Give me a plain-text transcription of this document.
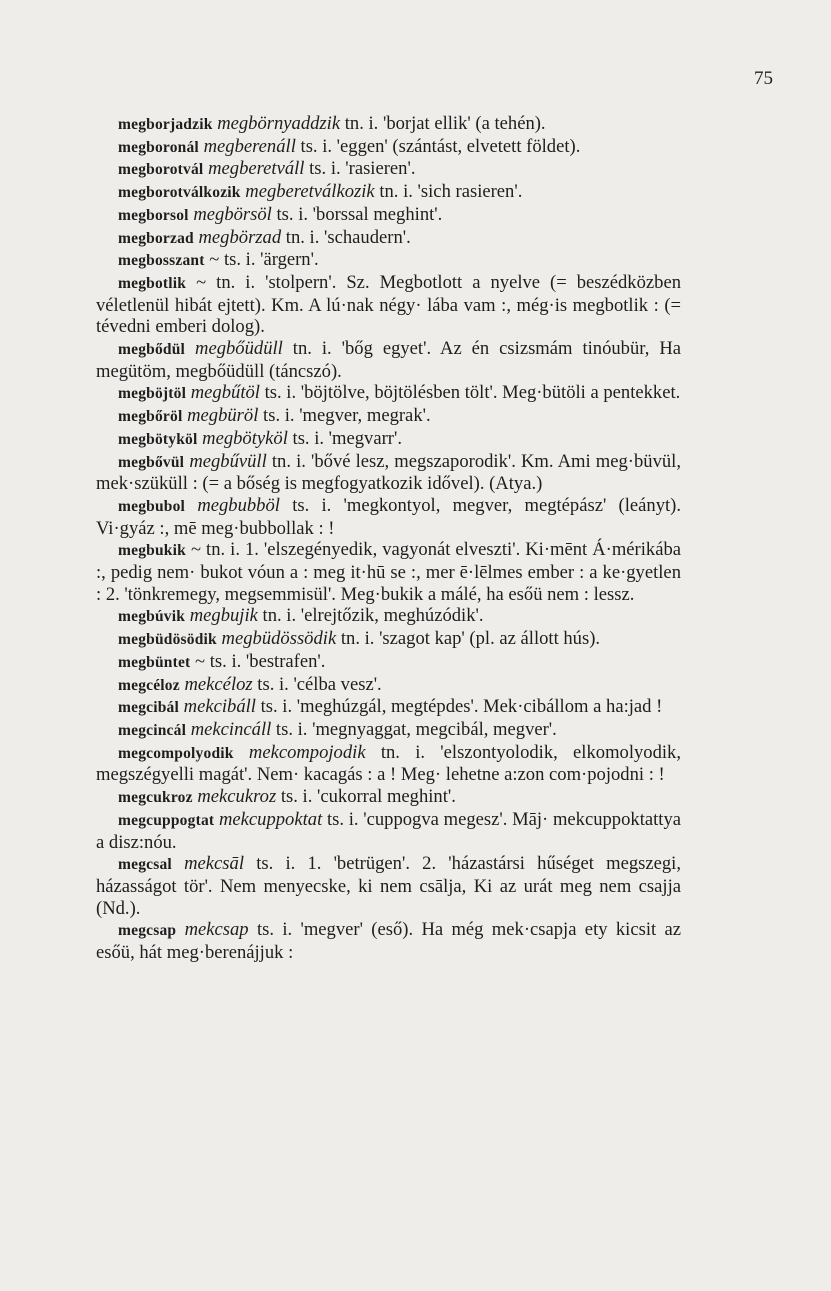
75

megborjadzik megbörnyaddzik tn. i. 'borjat ellik' (a tehén).

megboronál megberenáll ts. i. 'eggen' (szántást, elvetett földet).

megborotvál megberetváll ts. i. 'rasieren'.

megborotválkozik megberetválkozik tn. i. 'sich rasieren'.

megborsol megbörsöl ts. i. 'borssal meghint'.

megborzad megbörzad tn. i. 'schaudern'.

megbosszant ~ ts. i. 'ärgern'.

megbotlik ~ tn. i. 'stolpern'. Sz. Megbotlott a nyelve (= beszédközben véletlenül hibát ejtett). Km. A lú·nak négy· lába vam :, még·is megbotlik : (= tévedni emberi dolog).

megbődül megbőüdüll tn. i. 'bőg egyet'. Az én csizsmám tinóubür, Ha megütöm, megbőüdüll (táncszó).

megböjtöl megbűtöl ts. i. 'böjtölve, böjtölésben tölt'. Meg·bütöli a pentekket.

megbőröl megbüröl ts. i. 'megver, megrak'.

megbötyköl megbötyköl ts. i. 'megvarr'.

megbővül megbűvüll tn. i. 'bővé lesz, megszaporodik'. Km. Ami meg·büvül, mek·szüküll : (= a bőség is megfogyatkozik idővel). (Atya.)

megbubol megbubböl ts. i. 'megkontyol, megver, megtépász' (leányt). Vi·gyáz :, mē meg·bubbollak : !

megbukik ~ tn. i. 1. 'elszegényedik, vagyonát elveszti'. Ki·mēnt Á·mérikába :, pedig nem· bukot vóun a : meg it·hū se :, mer ē·lēlmes ember : a ke·gyetlen : 2. 'tönkremegy, megsemmisül'. Meg·bukik a málé, ha esőü nem : lessz.

megbúvik megbujik tn. i. 'elrejtőzik, meghúzódik'.

megbüdösödik megbüdössödik tn. i. 'szagot kap' (pl. az állott hús).

megbüntet ~ ts. i. 'bestrafen'.

megcéloz mekcéloz ts. i. 'célba vesz'.

megcibál mekcibáll ts. i. 'meghúzgál, megtépdes'. Mek·cibállom a ha:jad !

megcincál mekcincáll ts. i. 'megnyaggat, megcibál, megver'.

megcompolyodik mekcompojodik tn. i. 'elszontyolodik, elkomolyodik, megszégyelli magát'. Nem· kacagás : a ! Meg· lehetne a:zon com·pojodni : !

megcukroz mekcukroz ts. i. 'cukorral meghint'.

megcuppogtat mekcuppoktat ts. i. 'cuppogva megesz'. Māj· mekcuppoktattya a disz:nóu.

megcsal mekcsāl ts. i. 1. 'betrügen'. 2. 'házastársi hűséget megszegi, házasságot tör'. Nem menyecske, ki nem csālja, Ki az urát meg nem csajja (Nd.).

megcsap mekcsap ts. i. 'megver' (eső). Ha még mek·csapja ety kicsit az esőü, hát meg·berenájjuk :
